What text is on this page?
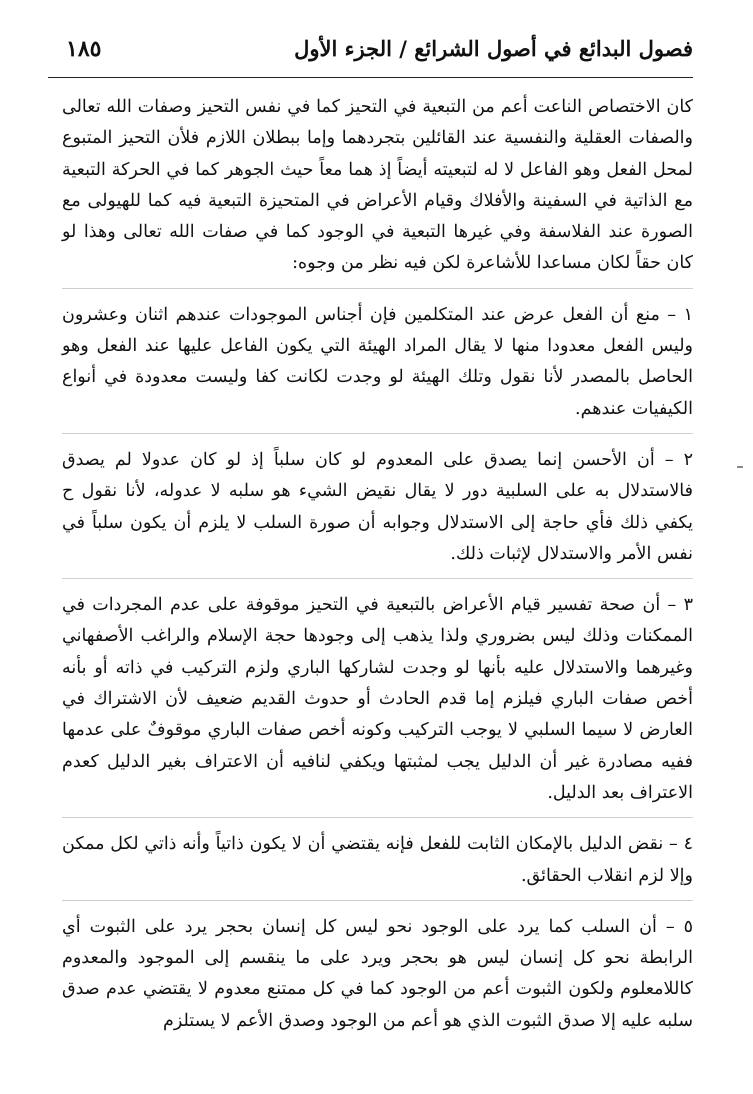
فصول البدائع في أصول الشرائع / الجزء الأول
١٨٥

كان الاختصاص الناعت أعم من التبعية في التحيز كما في نفس التحيز وصفات الله تعالى والصفات العقلية والنفسية عند القائلين بتجردهما وإما ببطلان اللازم فلأن التحيز المتبوع لمحل الفعل وهو الفاعل لا له لتبعيته أيضاً إذ هما معاً حيث الجوهر كما في الحركة التبعية مع الذاتية في السفينة والأفلاك وقيام الأعراض في المتحيزة التبعية فيه كما للهيولى مع الصورة عند الفلاسفة وفي غيرها التبعية في الوجود كما في صفات الله تعالى وهذا لو كان حقاً لكان مساعدا للأشاعرة لكن فيه نظر من وجوه:

١ – منع أن الفعل عرض عند المتكلمين فإن أجناس الموجودات عندهم اثنان وعشرون وليس الفعل معدودا منها لا يقال المراد الهيئة التي يكون الفاعل عليها عند الفعل وهو الحاصل بالمصدر لأنا نقول وتلك الهيئة لو وجدت لكانت كفا وليست معدودة في أنواع الكيفيات عندهم.

٢ – أن الأحسن إنما يصدق على المعدوم لو كان سلباً إذ لو كان عدولا لم يصدق فالاستدلال به على السلبية دور لا يقال نقيض الشيء هو سلبه لا عدوله، لأنا نقول ح يكفي ذلك فأي حاجة إلى الاستدلال وجوابه أن صورة السلب لا يلزم أن يكون سلباً في نفس الأمر والاستدلال لإثبات ذلك.

٣ – أن صحة تفسير قيام الأعراض بالتبعية في التحيز موقوفة على عدم المجردات في الممكنات وذلك ليس بضروري ولذا يذهب إلى وجودها حجة الإسلام والراغب الأصفهاني وغيرهما والاستدلال عليه بأنها لو وجدت لشاركها الباري ولزم التركيب في ذاته أو بأنه أخص صفات الباري فيلزم إما قدم الحادث أو حدوث القديم ضعيف لأن الاشتراك في العارض لا سيما السلبي لا يوجب التركيب وكونه أخص صفات الباري موقوفٌ على عدمها ففيه مصادرة غير أن الدليل يجب لمثبتها ويكفي لنافيه أن الاعتراف بغير الدليل كعدم الاعتراف بعد الدليل.

٤ – نقض الدليل بالإمكان الثابت للفعل فإنه يقتضي أن لا يكون ذاتياً وأنه ذاتي لكل ممكن وإلا لزم انقلاب الحقائق.

٥ – أن السلب كما يرد على الوجود نحو ليس كل إنسان بحجر يرد على الثبوت أي الرابطة نحو كل إنسان ليس هو بحجر ويرد على ما ينقسم إلى الموجود والمعدوم كاللامعلوم ولكون الثبوت أعم من الوجود كما في كل ممتنع معدوم لا يقتضي عدم صدق سلبه عليه إلا صدق الثبوت الذي هو أعم من الوجود وصدق الأعم لا يستلزم
